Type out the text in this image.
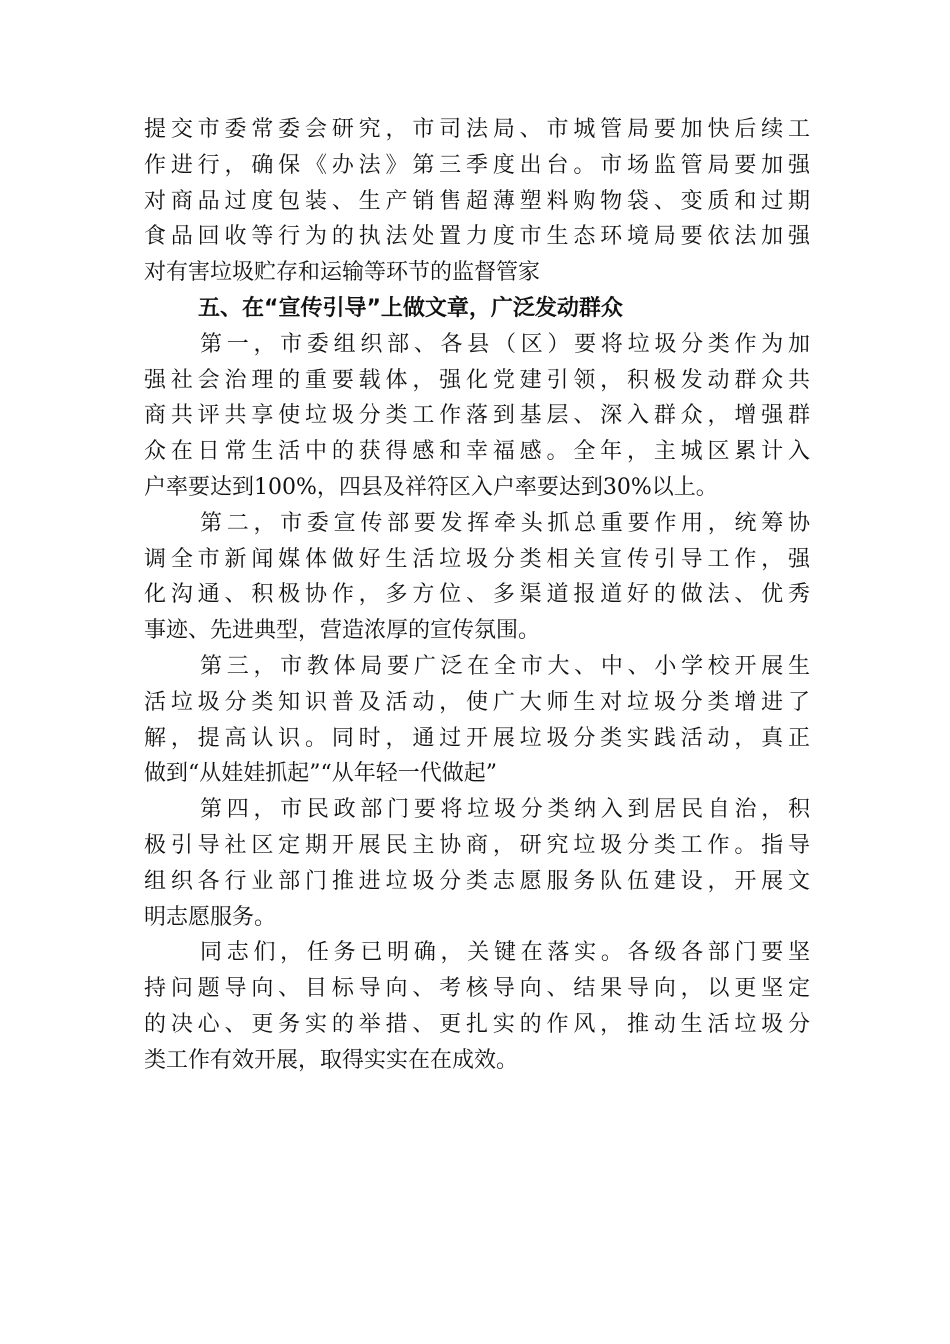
提交市委常委会研究，市司法局、市城管局要加快后续工
作进行，确保《办法》第三季度出台。市场监管局要加强
对商品过度包装、生产销售超薄塑料购物袋、变质和过期
食品回收等行为的执法处置力度市生态环境局要依法加强
对有害垃圾贮存和运输等环节的监督管家
五、在“宣传引导”上做文章，广泛发动群众
第一，市委组织部、各县（区）要将垃圾分类作为加
强社会治理的重要载体，强化党建引领，积极发动群众共
商共评共享使垃圾分类工作落到基层、深入群众，增强群
众在日常生活中的获得感和幸福感。全年，主城区累计入
户率要达到100%，四县及祥符区入户率要达到30%以上。
第二，市委宣传部要发挥牵头抓总重要作用，统筹协
调全市新闻媒体做好生活垃圾分类相关宣传引导工作，强
化沟通、积极协作，多方位、多渠道报道好的做法、优秀
事迹、先进典型，营造浓厚的宣传氛围。
第三，市教体局要广泛在全市大、中、小学校开展生
活垃圾分类知识普及活动，使广大师生对垃圾分类增进了
解，提高认识。同时，通过开展垃圾分类实践活动，真正
做到“从娃娃抓起”“从年轻一代做起”
第四，市民政部门要将垃圾分类纳入到居民自治，积
极引导社区定期开展民主协商，研究垃圾分类工作。指导
组织各行业部门推进垃圾分类志愿服务队伍建设，开展文
明志愿服务。
同志们，任务已明确，关键在落实。各级各部门要坚
持问题导向、目标导向、考核导向、结果导向，以更坚定
的决心、更务实的举措、更扎实的作风，推动生活垃圾分
类工作有效开展，取得实实在在成效。
